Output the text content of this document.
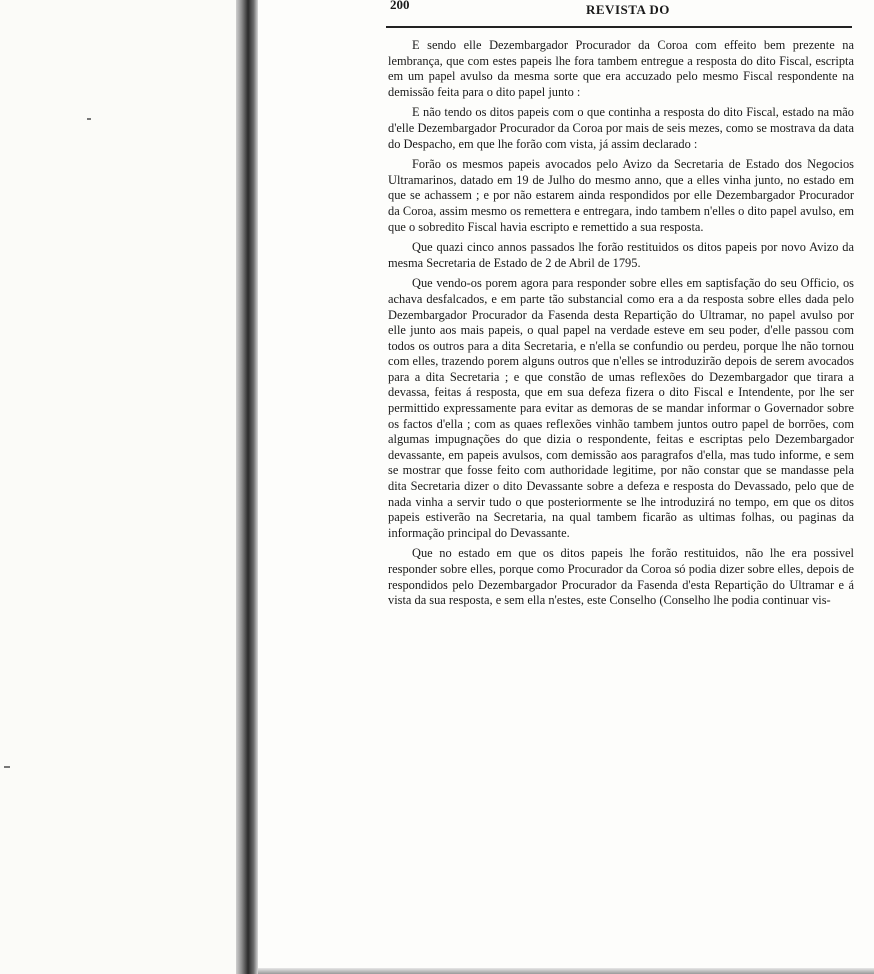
200	REVISTA DO

E sendo elle Dezembargador Procurador da Coroa com effeito bem prezente na lembrança, que com estes papeis lhe fora tambem entregue a resposta do dito Fiscal, escripta em um papel avulso da mesma sorte que era accuzado pelo mesmo Fiscal respondente na demissão feita para o dito papel junto :

E não tendo os ditos papeis com o que continha a resposta do dito Fiscal, estado na mão d'elle Dezembargador Procurador da Coroa por mais de seis mezes, como se mostrava da data do Despacho, em que lhe forão com vista, já assim declarado :

Forão os mesmos papeis avocados pelo Avizo da Secretaria de Estado dos Negocios Ultramarinos, datado em 19 de Julho do mesmo anno, que a elles vinha junto, no estado em que se achassem ; e por não estarem ainda respondidos por elle Dezembargador Procurador da Coroa, assim mesmo os remettera e entregara, indo tambem n'elles o dito papel avulso, em que o sobredito Fiscal havia escripto e remettido a sua resposta.

Que quazi cinco annos passados lhe forão restituidos os ditos papeis por novo Avizo da mesma Secretaria de Estado de 2 de Abril de 1795.

Que vendo-os porem agora para responder sobre elles em saptisfação do seu Officio, os achava desfalcados, e em parte tão substancial como era a da resposta sobre elles dada pelo Dezembargador Procurador da Fasenda desta Repartição do Ultramar, no papel avulso por elle junto aos mais papeis, o qual papel na verdade esteve em seu poder, d'elle passou com todos os outros para a dita Secretaria, e n'ella se confundio ou perdeu, porque lhe não tornou com elles, trazendo porem alguns outros que n'elles se introduzirão depois de serem avocados para a dita Secretaria ; e que constão de umas reflexões do Dezembargador que tirara a devassa, feitas á resposta, que em sua defeza fizera o dito Fiscal e Intendente, por lhe ser permittido expressamente para evitar as demoras de se mandar informar o Governador sobre os factos d'ella ; com as quaes reflexões vinhão tambem juntos outro papel de borrões, com algumas impugnações do que dizia o respondente, feitas e escriptas pelo Dezembargador devassante, em papeis avulsos, com demissão aos paragrafos d'ella, mas tudo informe, e sem se mostrar que fosse feito com authoridade legitime, por não constar que se mandasse pela dita Secretaria dizer o dito Devassante sobre a defeza e resposta do Devassado, pelo que de nada vinha a servir tudo o que posteriormente se lhe introduzirá no tempo, em que os ditos papeis estiverão na Secretaria, na qual tambem ficarão as ultimas folhas, ou paginas da informação principal do Devassante.

Que no estado em que os ditos papeis lhe forão restituidos, não lhe era possivel responder sobre elles, porque como Procurador da Coroa só podia dizer sobre elles, depois de respondidos pelo Dezembargador Procurador da Fasenda d'esta Repartição do Ultramar e á vista da sua resposta, e sem ella n'estes, este Conselho (Conselho lhe podia continuar vis-
